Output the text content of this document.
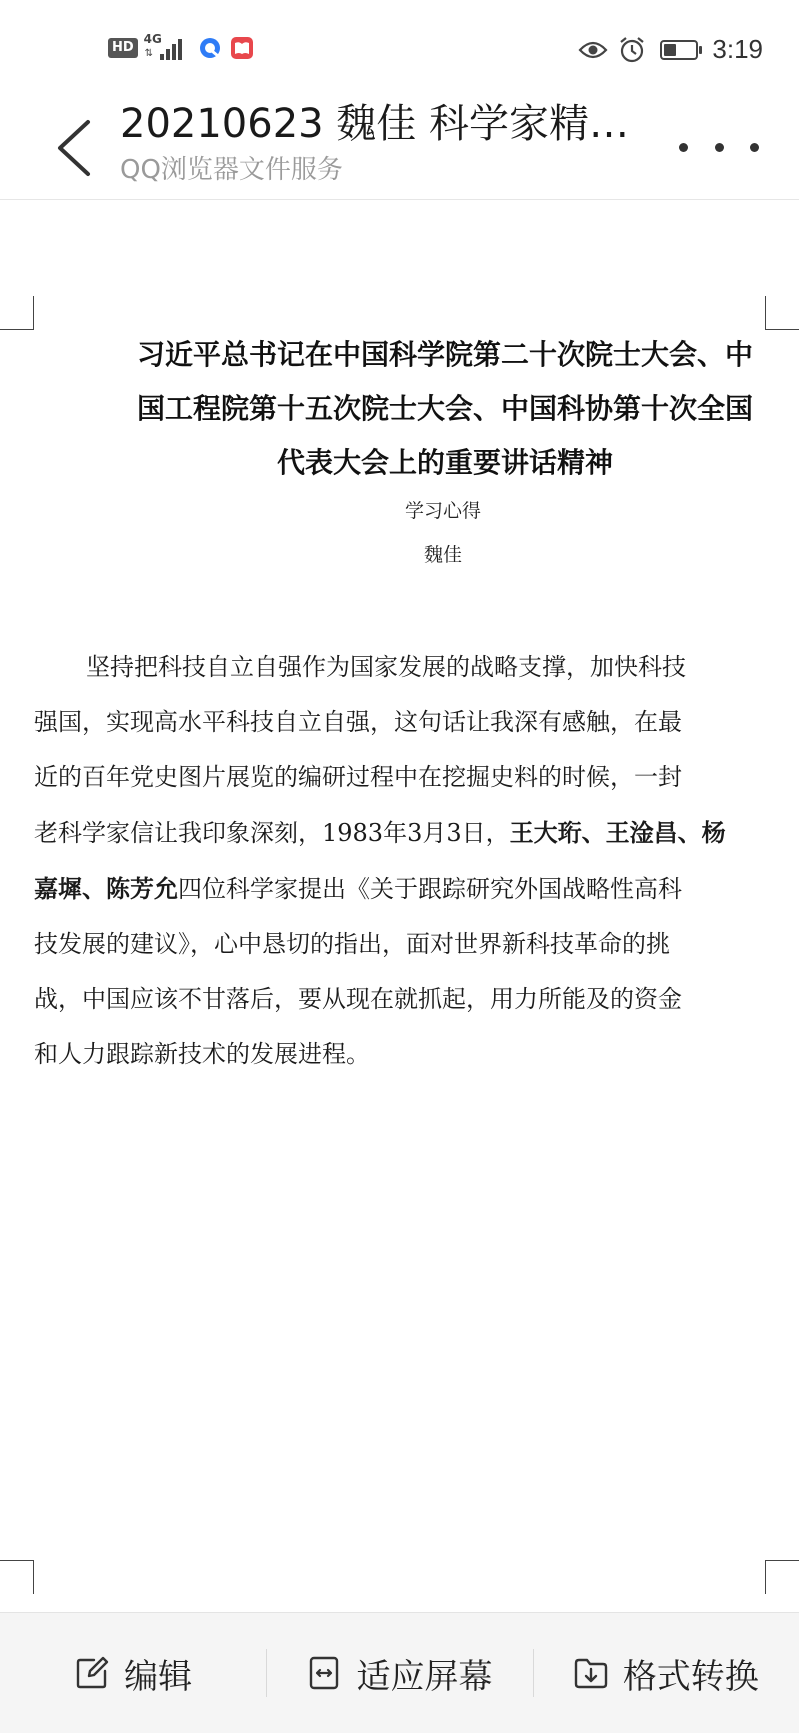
HD
4G
⇅	3:19
20210623 魏佳 科学家精…
QQ浏览器文件服务
习近平总书记在中国科学院第二十次院士大会、中
国工程院第十五次院士大会、中国科协第十次全国
代表大会上的重要讲话精神
学习心得
魏佳
坚持把科技自立自强作为国家发展的战略支撑，加快科技
强国，实现高水平科技自立自强，这句话让我深有感触，在最
近的百年党史图片展览的编研过程中在挖掘史料的时候，一封
老科学家信让我印象深刻，1983年3月3日，王大珩、王淦昌、杨
嘉墀、陈芳允四位科学家提出《关于跟踪研究外国战略性高科
技发展的建议》，心中恳切的指出，面对世界新科技革命的挑
战，中国应该不甘落后，要从现在就抓起，用力所能及的资金
和人力跟踪新技术的发展进程。
编辑	适应屏幕	格式转换
